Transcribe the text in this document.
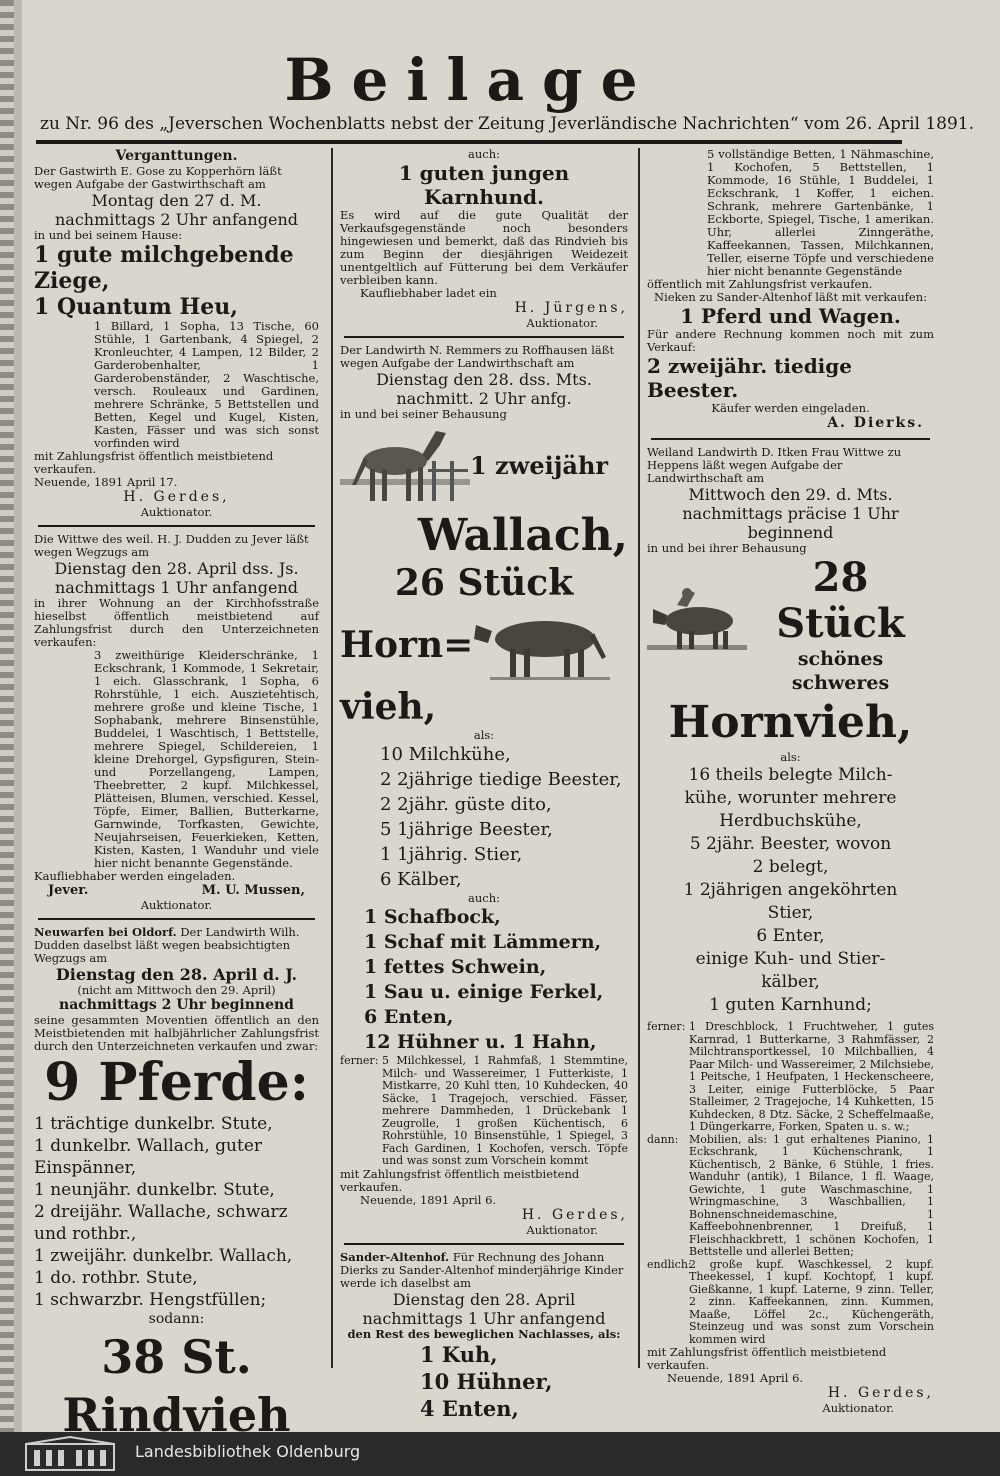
Beilage
zu Nr. 96 des „Jeverschen Wochenblatts nebst der Zeitung Jeverländische Nachrichten“ vom 26. April 1891.

Verganttungen.

Der Gastwirth E. Gose zu Kopperhörn läßt wegen Aufgabe der Gastwirthschaft am

Montag den 27 d. M.

nachmittags 2 Uhr anfangend

in und bei seinem Hause:

1 gute milchgebende Ziege,

1 Quantum Heu,

1 Billard, 1 Sopha, 13 Tische, 60 Stühle, 1 Gartenbank, 4 Spiegel, 2 Kronleuchter, 4 Lampen, 12 Bilder, 2 Garderobenhalter, 1 Garderobenständer, 2 Waschtische, versch. Rouleaux und Gardinen, mehrere Schränke, 5 Bettstellen und Betten, Kegel und Kugel, Kisten, Kasten, Fässer und was sich sonst vorfinden wird

mit Zahlungsfrist öffentlich meistbietend verkaufen.

Neuende, 1891 April 17.

H. Gerdes,

Auktionator.

Die Wittwe des weil. H. J. Dudden zu Jever läßt wegen Wegzugs am

Dienstag den 28. April dss. Js.

nachmittags 1 Uhr anfangend

in ihrer Wohnung an der Kirchhofsstraße hieselbst öffentlich meistbietend auf Zahlungsfrist durch den Unterzeichneten verkaufen:

3 zweithürige Kleiderschränke, 1 Eckschrank, 1 Kommode, 1 Sekretair, 1 eich. Glasschrank, 1 Sopha, 6 Rohrstühle, 1 eich. Auszietehtisch, mehrere große und kleine Tische, 1 Sophabank, mehrere Binsenstühle, Buddelei, 1 Waschtisch, 1 Bettstelle, mehrere Spiegel, Schildereien, 1 kleine Drehorgel, Gypsfiguren, Stein- und Porzellangeng, Lampen, Theebretter, 2 kupf. Milchkessel, Plätteisen, Blumen, verschied. Kessel, Töpfe, Eimer, Ballien, Butterkarne, Garnwinde, Torfkasten, Gewichte, Neujahrseisen, Feuerkieken, Ketten, Kisten, Kasten, 1 Wanduhr und viele hier nicht benannte Gegenstände.

Kaufliebhaber werden eingeladen.

Jever.	M. U. Mussen,

Auktionator.

Neuwarfen bei Oldorf. Der Landwirth Wilh. Dudden daselbst läßt wegen beabsichtigten Wegzugs am

Dienstag den 28. April d. J.

(nicht am Mittwoch den 29. April)

nachmittags 2 Uhr beginnend

seine gesammten Moventien öffentlich an den Meistbietenden mit halbjährlicher Zahlungsfrist durch den Unterzeichneten verkaufen und zwar:

9 Pferde:

1 trächtige dunkelbr. Stute,
1 dunkelbr. Wallach, guter Einspänner,
1 neunjähr. dunkelbr. Stute,
2 dreijähr. Wallache, schwarz und rothbr.,
1 zweijähr. dunkelbr. Wallach,
1 do. rothbr. Stute,
1 schwarzbr. Hengstfüllen;

sodann:

38 St. Rindvieh

auch:

1 guten jungen Karnhund.

Es wird auf die gute Qualität der Verkaufsgegenstände noch besonders hingewiesen und bemerkt, daß das Rindvieh bis zum Beginn der diesjährigen Weidezeit unentgeltlich auf Fütterung bei dem Verkäufer verbleiben kann.

Kaufliebhaber ladet ein

H. Jürgens,

Auktionator.

Der Landwirth N. Remmers zu Roffhausen läßt wegen Aufgabe der Landwirthschaft am

Dienstag den 28. dss. Mts.

nachmitt. 2 Uhr anfg.

in und bei seiner Behausung

1 zweijähr

Wallach,

26 Stück

Horn=

vieh,

als:

10 Milchkühe,
2 2jährige tiedige Beester,
2 2jähr. güste dito,
5 1jährige Beester,
1 1jährig. Stier,
6 Kälber,

auch:

1 Schafbock,
1 Schaf mit Lämmern,
1 fettes Schwein,
1 Sau u. einige Ferkel,
6 Enten,
12 Hühner u. 1 Hahn,
ferner: 5 Milchkessel, 1 Rahmfaß, 1 Stemmtine, Milch- und Wassereimer, 1 Futterkiste, 1 Mistkarre, 20 Kuhl tten, 10 Kuhdecken, 40 Säcke, 1 Tragejoch, verschied. Fässer, mehrere Dammheden, 1 Drückebank 1 Zeugrolle, 1 großen Küchentisch, 6 Rohrstühle, 10 Binsenstühle, 1 Spiegel, 3 Fach Gardinen, 1 Kochofen, versch. Töpfe und was sonst zum Vorschein kommt

mit Zahlungsfrist öffentlich meistbietend verkaufen.

Neuende, 1891 April 6.

H. Gerdes,

Auktionator.

Sander-Altenhof. Für Rechnung des Johann Dierks zu Sander-Altenhof minderjährige Kinder werde ich daselbst am

Dienstag den 28. April

nachmittags 1 Uhr anfangend

den Rest des beweglichen Nachlasses, als:

1 Kuh,
10 Hühner,
4 Enten,

5 vollständige Betten, 1 Nähmaschine, 1 Kochofen, 5 Bettstellen, 1 Kommode, 16 Stühle, 1 Buddelei, 1 Eckschrank, 1 Koffer, 1 eichen. Schrank, mehrere Gartenbänke, 1 Eckborte, Spiegel, Tische, 1 amerikan. Uhr, allerlei Zinngeräthe, Kaffeekannen, Tassen, Milchkannen, Teller, eiserne Töpfe und verschiedene hier nicht benannte Gegenstände

öffentlich mit Zahlungsfrist verkaufen.

Nieken zu Sander-Altenhof läßt mit verkaufen:

1 Pferd und Wagen.

Für andere Rechnung kommen noch mit zum Verkauf:

2 zweijähr. tiedige Beester.

Käufer werden eingeladen.

A. Dierks.

Weiland Landwirth D. Itken Frau Wittwe zu Heppens läßt wegen Aufgabe der Landwirthschaft am

Mittwoch den 29. d. Mts.

nachmittags präcise 1 Uhr beginnend

in und bei ihrer Behausung

28 Stück
schönes schweres

Hornvieh,

als:

16 theils belegte Milch-
kühe, worunter mehrere
Herdbuchskühe,
5 2jähr. Beester, wovon
2 belegt,
1 2jährigen angeköhrten
Stier,
6 Enter,
einige Kuh- und Stier-
kälber,
1 guten Karnhund;
ferner: 1 Dreschblock, 1 Fruchtweher, 1 gutes Karnrad, 1 Butterkarne, 3 Rahmfässer, 2 Milchtransportkessel, 10 Milchballien, 4 Paar Milch- und Wassereimer, 2 Milchsiebe, 1 Peitsche, 1 Heufpaten, 1 Heckenscheere, 3 Leiter, einige Futterblöcke, 5 Paar Stalleimer, 2 Tragejoche, 14 Kuhketten, 15 Kuhdecken, 8 Dtz. Säcke, 2 Scheffelmaaße, 1 Düngerkarre, Forken, Spaten u. s. w.;
dann: Mobilien, als: 1 gut erhaltenes Pianino, 1 Eckschrank, 1 Küchenschrank, 1 Küchentisch, 2 Bänke, 6 Stühle, 1 fries. Wanduhr (antik), 1 Bilance, 1 fl. Waage, Gewichte, 1 gute Waschmaschine, 1 Wringmaschine, 3 Waschballien, 1 Bohnenschneidemaschine, 1 Kaffeebohnenbrenner, 1 Dreifuß, 1 Fleischhackbrett, 1 schönen Kochofen, 1 Bettstelle und allerlei Betten;
endlich:
2 große kupf. Waschkessel, 2 kupf. Theekessel, 1 kupf. Kochtopf, 1 kupf. Gießkanne, 1 kupf. Laterne, 9 zinn. Teller, 2 zinn. Kaffeekannen, zinn. Kummen, Maaße, Löffel 2c., Küchengeräth, Steinzeug und was sonst zum Vorschein kommen wird

mit Zahlungsfrist öffentlich meistbietend verkaufen.

Neuende, 1891 April 6.

H. Gerdes,

Auktionator.

Landesbibliothek Oldenburg
